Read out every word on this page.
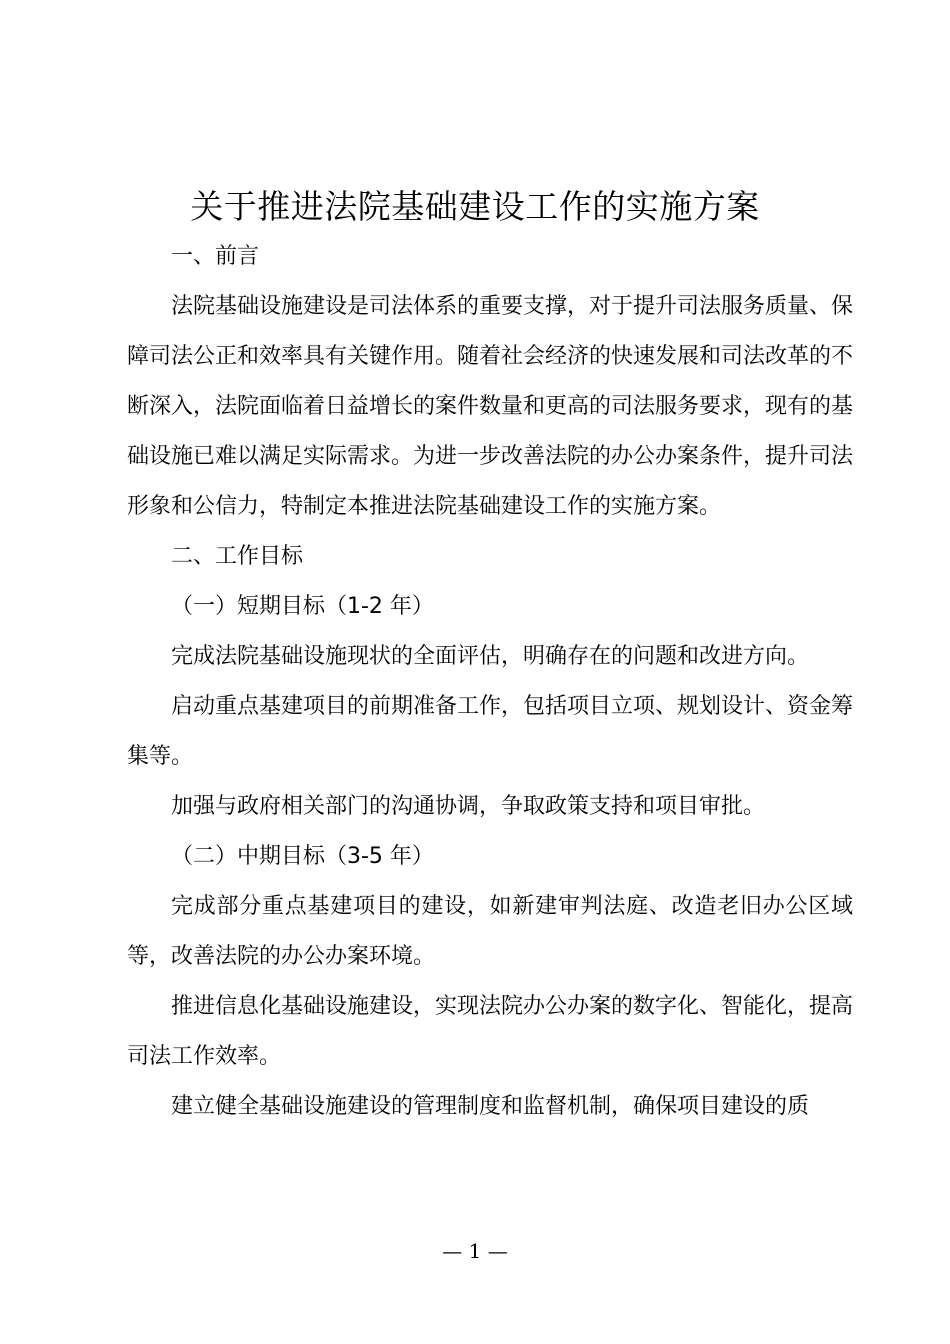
关于推进法院基础建设工作的实施方案

一、前言

法院基础设施建设是司法体系的重要支撑，对于提升司法服务质量、保障司法公正和效率具有关键作用。随着社会经济的快速发展和司法改革的不断深入，法院面临着日益增长的案件数量和更高的司法服务要求，现有的基础设施已难以满足实际需求。为进一步改善法院的办公办案条件，提升司法形象和公信力，特制定本推进法院基础建设工作的实施方案。

二、工作目标

（一）短期目标（1-2 年）

完成法院基础设施现状的全面评估，明确存在的问题和改进方向。

启动重点基建项目的前期准备工作，包括项目立项、规划设计、资金筹集等。

加强与政府相关部门的沟通协调，争取政策支持和项目审批。

（二）中期目标（3-5 年）

完成部分重点基建项目的建设，如新建审判法庭、改造老旧办公区域等，改善法院的办公办案环境。

推进信息化基础设施建设，实现法院办公办案的数字化、智能化，提高司法工作效率。

建立健全基础设施建设的管理制度和监督机制，确保项目建设的质

— 1 —
